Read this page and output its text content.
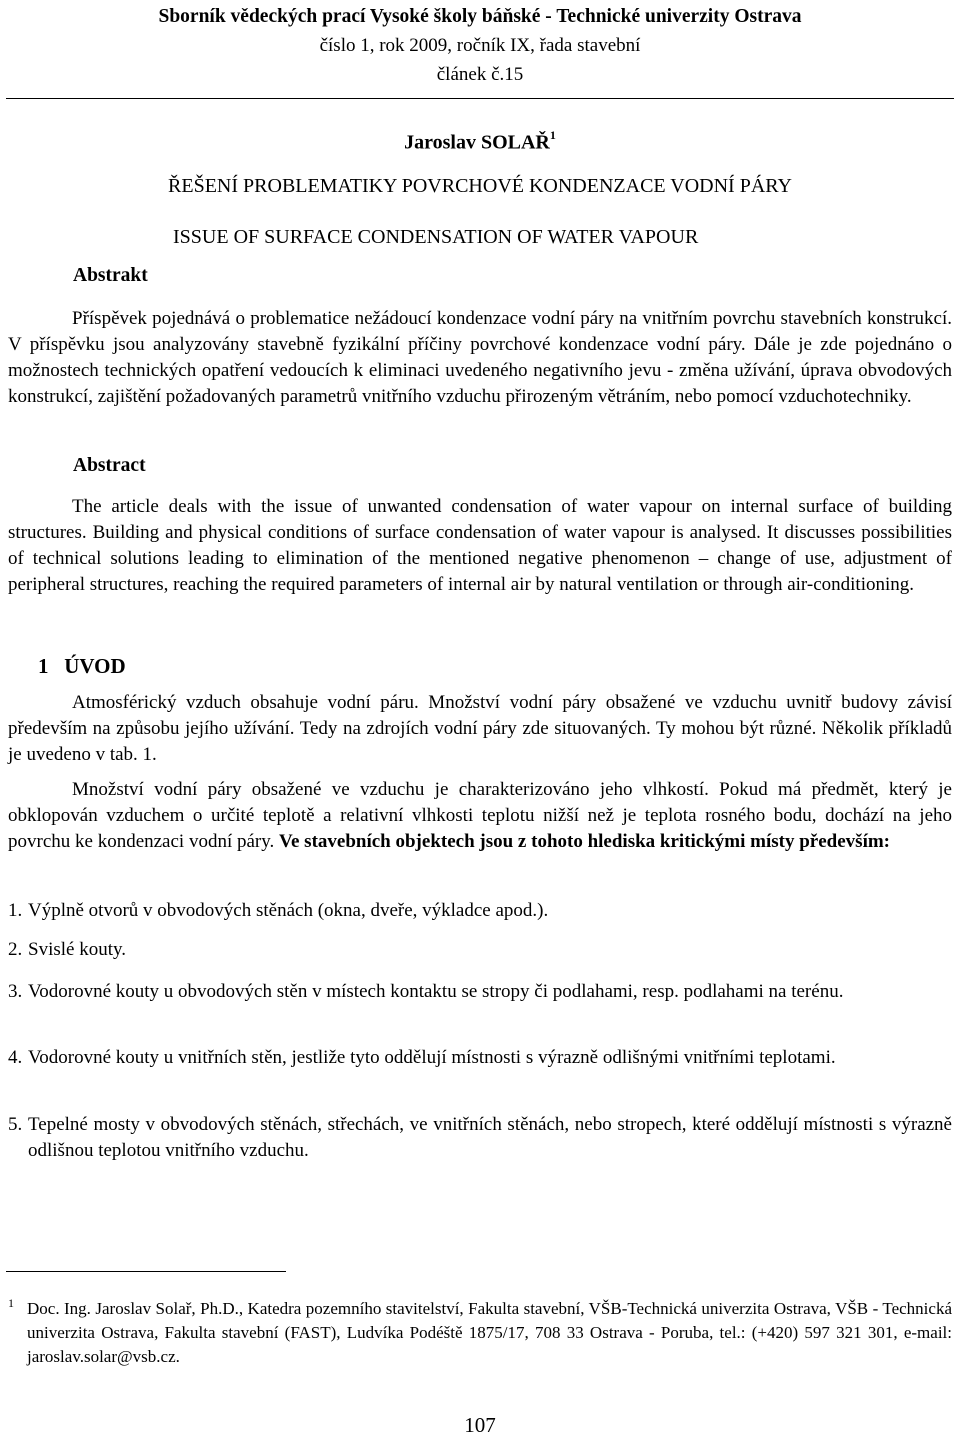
Sborník vědeckých prací Vysoké školy báňské - Technické univerzity Ostrava
číslo 1, rok 2009, ročník IX, řada stavební
článek č.15
Jaroslav SOLAŘ$^1$
ŘEŠENÍ PROBLEMATIKY POVRCHOVÉ KONDENZACE VODNÍ PÁRY
ISSUE OF SURFACE CONDENSATION OF WATER VAPOUR
Abstrakt

Příspěvek pojednává o problematice nežádoucí kondenzace vodní páry na vnitřním povrchu stavebních konstrukcí. V příspěvku jsou analyzovány stavebně fyzikální příčiny povrchové kondenzace vodní páry. Dále je zde pojednáno o možnostech technických opatření vedoucích k eliminaci uvedeného negativního jevu - změna užívání, úprava obvodových konstrukcí, zajištění požadovaných parametrů vnitřního vzduchu přirozeným větráním, nebo pomocí vzduchotechniky.

Abstract

The article deals with the issue of unwanted condensation of water vapour on internal surface of building structures. Building and physical conditions of surface condensation of water vapour is analysed. It discusses possibilities of technical solutions leading to elimination of the mentioned negative phenomenon – change of use, adjustment of peripheral structures, reaching the required parameters of internal air by natural ventilation or through air-conditioning.

1   ÚVOD

Atmosférický vzduch obsahuje vodní páru. Množství vodní páry obsažené ve vzduchu uvnitř budovy závisí především na způsobu jejího užívání. Tedy na zdrojích vodní páry zde situovaných. Ty mohou být různé. Několik příkladů je uvedeno v tab. 1.

Množství vodní páry obsažené ve vzduchu je charakterizováno jeho vlhkostí. Pokud má předmět, který je obklopován vzduchem o určité teplotě a relativní vlhkosti teplotu nižší než je teplota rosného bodu, dochází na jeho povrchu ke kondenzaci vodní páry. Ve stavebních objektech jsou z tohoto hlediska kritickými místy především:

1. Výplně otvorů v obvodových stěnách (okna, dveře, výkladce apod.).
2. Svislé kouty.
3. Vodorovné kouty u obvodových stěn v místech kontaktu se stropy či podlahami, resp. podlahami na terénu.
4. Vodorovné kouty u vnitřních stěn, jestliže tyto oddělují místnosti s výrazně odlišnými vnitřními teplotami.
5. Tepelné mosty v obvodových stěnách, střechách, ve vnitřních stěnách, nebo stropech, které oddělují místnosti s výrazně odlišnou teplotou vnitřního vzduchu.
1 Doc. Ing. Jaroslav Solař, Ph.D., Katedra pozemního stavitelství, Fakulta stavební, VŠB-Technická univerzita Ostrava, VŠB - Technická univerzita Ostrava, Fakulta stavební (FAST), Ludvíka Podéště 1875/17, 708 33 Ostrava - Poruba, tel.: (+420) 597 321 301, e-mail: jaroslav.solar@vsb.cz.
107
